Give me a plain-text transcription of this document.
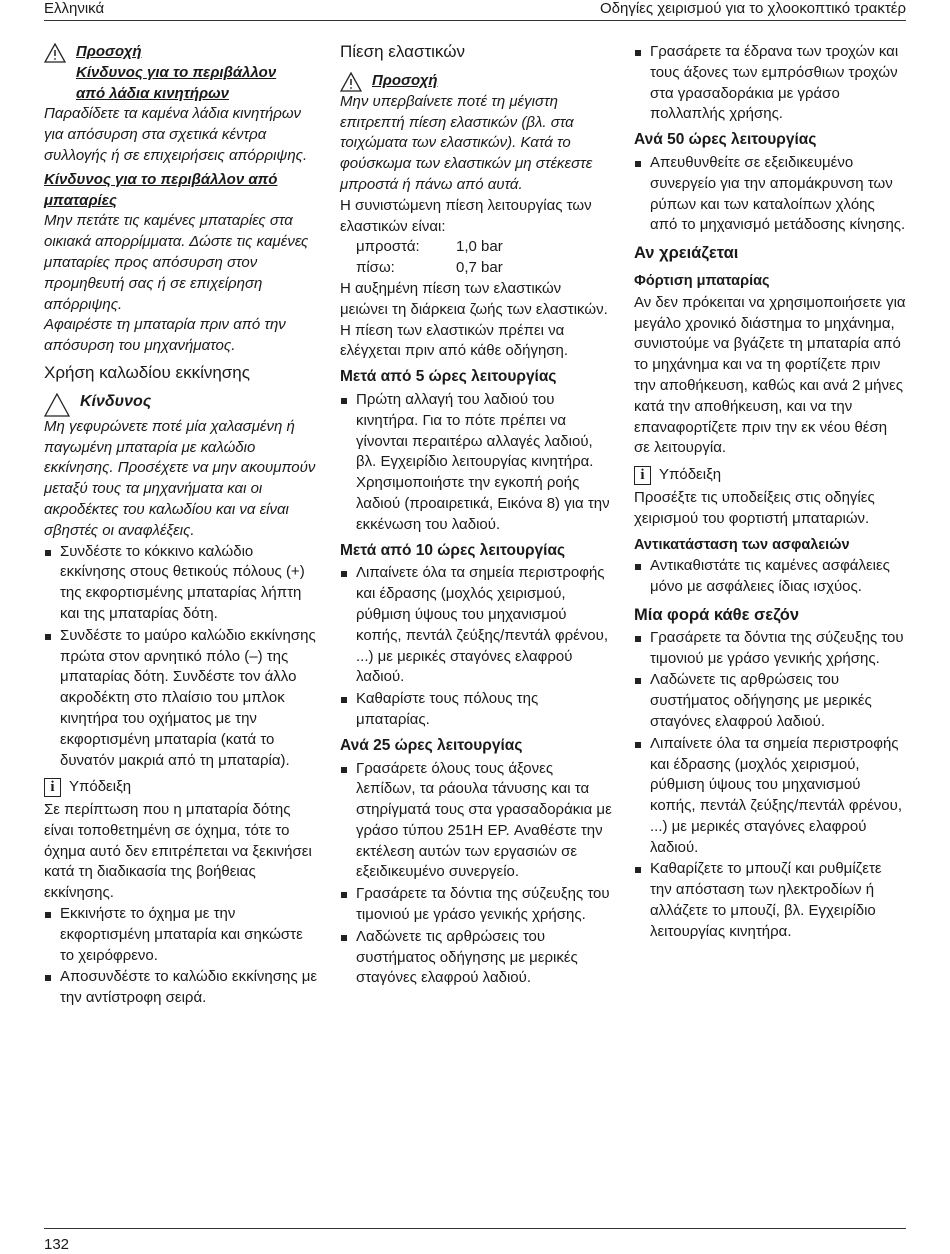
Ελληνικά	Οδηγίες χειρισμού για το χλοοκοπτικό τρακτέρ

Προσοχή

Κίνδυνος για το περιβάλλον

από λάδια κινητήρων

Παραδίδετε τα καμένα λάδια κινητήρων για απόσυρση στα σχετικά κέντρα συλλογής ή σε επιχειρήσεις απόρριψης.

Κίνδυνος για το περιβάλλον από μπαταρίες

Μην πετάτε τις καμένες μπαταρίες στα οικιακά απορρίμματα. Δώστε τις καμένες μπαταρίες προς απόσυρση στον προμηθευτή σας ή σε επιχείρηση απόρριψης.

Αφαιρέστε τη μπαταρία πριν από την απόσυρση του μηχανήματος.

Χρήση καλωδίου εκκίνησης

Κίνδυνος

Μη γεφυρώνετε ποτέ μία χαλασμένη ή παγωμένη μπαταρία με καλώδιο εκκίνησης. Προσέχετε να μην ακουμπούν μεταξύ τους τα μηχανήματα και οι ακροδέκτες του καλωδίου και να είναι σβηστές οι αναφλέξεις.

Συνδέστε το κόκκινο καλώδιο εκκίνησης στους θετικούς πόλους (+) της εκφορτισμένης μπαταρίας λήπτη και της μπαταρίας δότη.
Συνδέστε το μαύρο καλώδιο εκκίνησης πρώτα στον αρνητικό πόλο (–) της μπαταρίας δότη. Συνδέστε τον άλλο ακροδέκτη στο πλαίσιο του μπλοκ κινητήρα του οχήματος με την εκφορτισμένη μπαταρία (κατά το δυνατόν μακριά από τη μπαταρία).
i Υπόδειξη

Σε περίπτωση που η μπαταρία δότης είναι τοποθετημένη σε όχημα, τότε το όχημα αυτό δεν επιτρέπεται να ξεκινήσει κατά τη διαδικασία της βοήθειας εκκίνησης.

Εκκινήστε το όχημα με την εκφορτισμένη μπαταρία και σηκώστε το χειρόφρενο.
Αποσυνδέστε το καλώδιο εκκίνησης με την αντίστροφη σειρά.

Πίεση ελαστικών

Προσοχή

Μην υπερβαίνετε ποτέ τη μέγιστη επιτρεπτή πίεση ελαστικών (βλ. στα τοιχώματα των ελαστικών). Κατά το φούσκωμα των ελαστικών μη στέκεστε μπροστά ή πάνω από αυτά.

Η συνιστώμενη πίεση λειτουργίας των ελαστικών είναι:

μπροστά:	1,0 bar
πίσω:	0,7 bar

Η αυξημένη πίεση των ελαστικών μειώνει τη διάρκεια ζωής των ελαστικών. Η πίεση των ελαστικών πρέπει να ελέγχεται πριν από κάθε οδήγηση.

Μετά από 5 ώρες λειτουργίας

Πρώτη αλλαγή του λαδιού του κινητήρα. Για το πότε πρέπει να γίνονται περαιτέρω αλλαγές λαδιού, βλ. Εγχειρίδιο λειτουργίας κινητήρα. Χρησιμοποιήστε την εγκοπή ροής λαδιού (προαιρετικά, Εικόνα 8) για την εκκένωση του λαδιού.

Μετά από 10 ώρες λειτουργίας

Λιπαίνετε όλα τα σημεία περιστροφής και έδρασης (μοχλός χειρισμού, ρύθμιση ύψους του μηχανισμού κοπής, πεντάλ ζεύξης/πεντάλ φρένου, ...) με μερικές σταγόνες ελαφρού λαδιού.
Καθαρίστε τους πόλους της μπαταρίας.

Ανά 25 ώρες λειτουργίας

Γρασάρετε όλους τους άξονες λεπίδων, τα ράουλα τάνυσης και τα στηρίγματά τους στα γρασαδοράκια με γράσο τύπου 251H EP. Αναθέστε την εκτέλεση αυτών των εργασιών σε εξειδικευμένο συνεργείο.
Γρασάρετε τα δόντια της σύζευξης του τιμονιού με γράσο γενικής χρήσης.
Λαδώνετε τις αρθρώσεις του συστήματος οδήγησης με μερικές σταγόνες ελαφρού λαδιού.
Γρασάρετε τα έδρανα των τροχών και τους άξονες των εμπρόσθιων τροχών στα γρασαδοράκια με γράσο πολλαπλής χρήσης.

Ανά 50 ώρες λειτουργίας

Απευθυνθείτε σε εξειδικευμένο συνεργείο για την απομάκρυνση των ρύπων και των καταλοίπων χλόης από το μηχανισμό μετάδοσης κίνησης.

Αν χρειάζεται

Φόρτιση μπαταρίας

Αν δεν πρόκειται να χρησιμοποιήσετε για μεγάλο χρονικό διάστημα το μηχάνημα, συνιστούμε να βγάζετε τη μπαταρία από το μηχάνημα και να τη φορτίζετε πριν την αποθήκευση, καθώς και ανά 2 μήνες κατά την αποθήκευση, και να την επαναφορτίζετε πριν την εκ νέου θέση σε λειτουργία.

i Υπόδειξη

Προσέξτε τις υποδείξεις στις οδηγίες χειρισμού του φορτιστή μπαταριών.

Αντικατάσταση των ασφαλειών

Αντικαθιστάτε τις καμένες ασφάλειες μόνο με ασφάλειες ίδιας ισχύος.

Μία φορά κάθε σεζόν

Γρασάρετε τα δόντια της σύζευξης του τιμονιού με γράσο γενικής χρήσης.
Λαδώνετε τις αρθρώσεις του συστήματος οδήγησης με μερικές σταγόνες ελαφρού λαδιού.
Λιπαίνετε όλα τα σημεία περιστροφής και έδρασης (μοχλός χειρισμού, ρύθμιση ύψους του μηχανισμού κοπής, πεντάλ ζεύξης/πεντάλ φρένου, ...) με μερικές σταγόνες ελαφρού λαδιού.
Καθαρίζετε το μπουζί και ρυθμίζετε την απόσταση των ηλεκτροδίων ή αλλάζετε το μπουζί, βλ. Εγχειρίδιο λειτουργίας κινητήρα.
132
